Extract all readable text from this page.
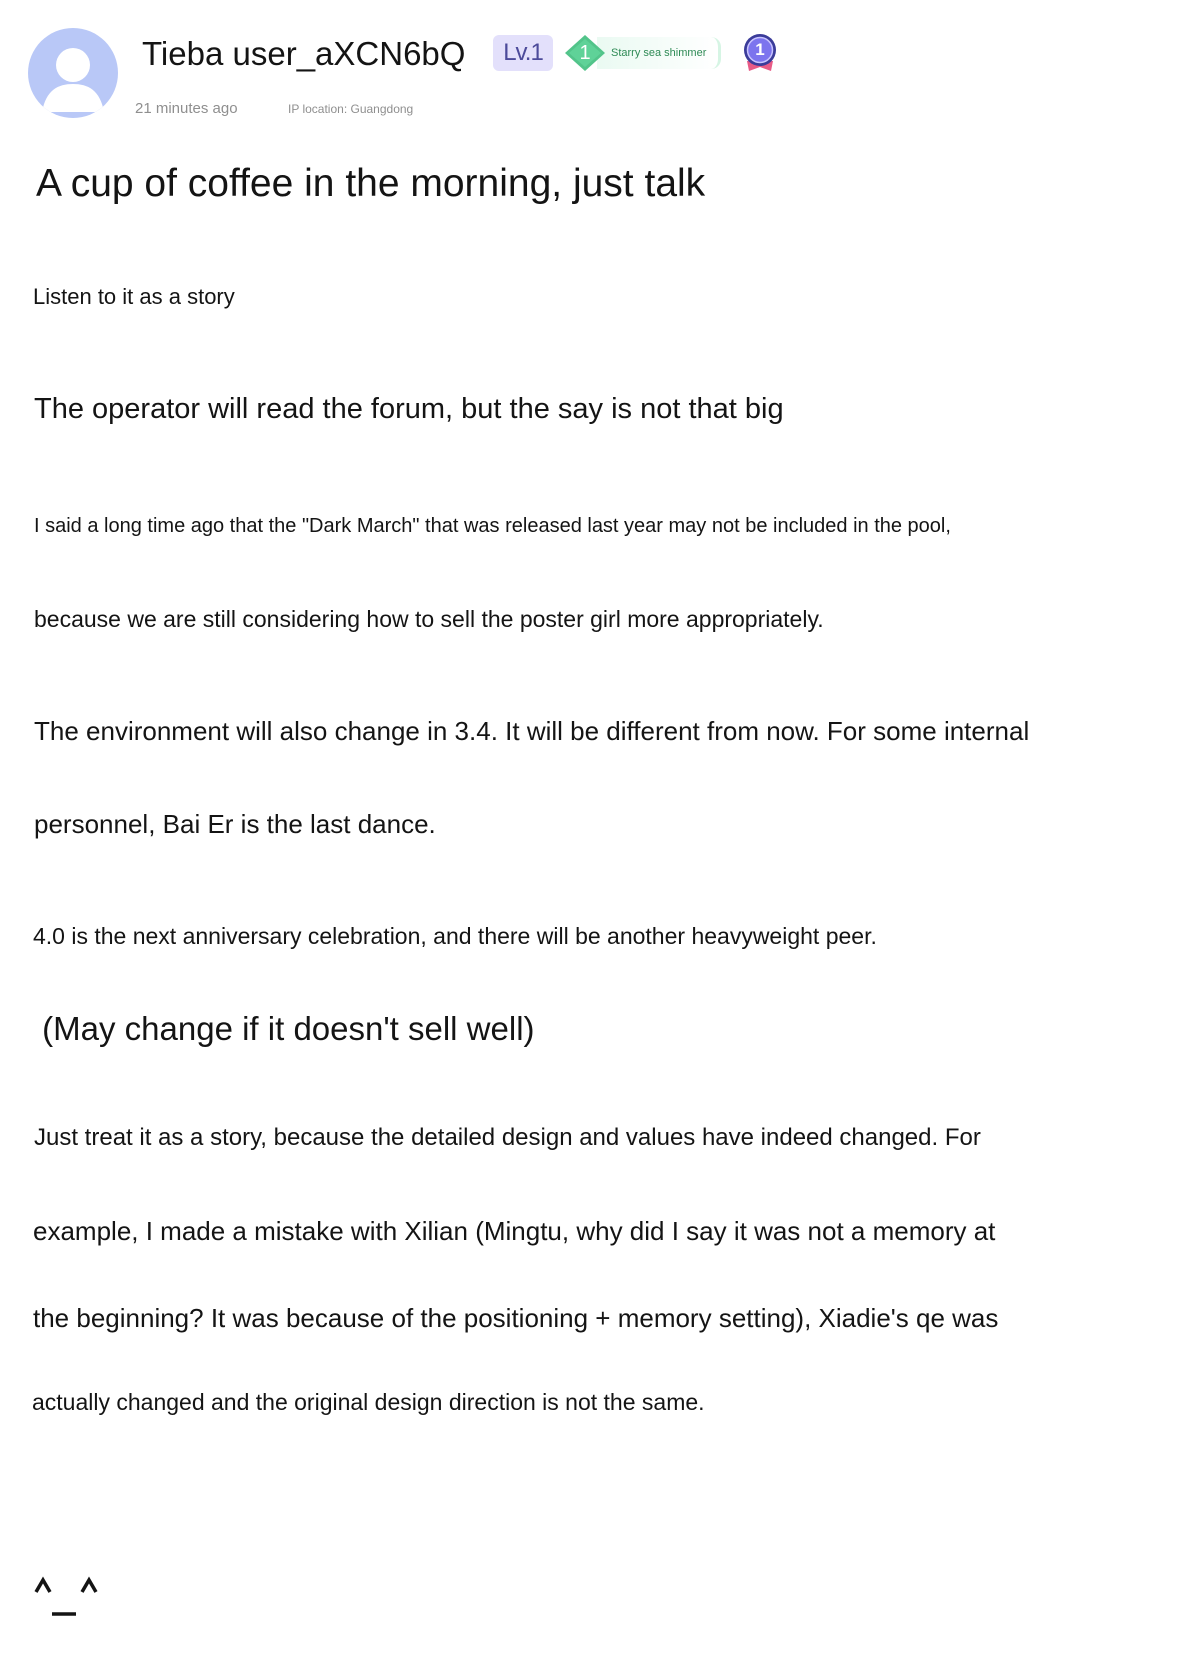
Tieba user_aXCN6bQ	Lv.1	1	Starry sea shimmer	1
21 minutes ago	IP location: Guangdong
A cup of coffee in the morning, just talk
Listen to it as a story
The operator will read the forum, but the say is not that big
I said a long time ago that the "Dark March" that was released last year may not be included in the pool,
because we are still considering how to sell the poster girl more appropriately.
The environment will also change in 3.4. It will be different from now. For some internal
personnel, Bai Er is the last dance.
4.0 is the next anniversary celebration, and there will be another heavyweight peer.
(May change if it doesn't sell well)
Just treat it as a story, because the detailed design and values have indeed changed. For
example, I made a mistake with Xilian (Mingtu, why did I say it was not a memory at
the beginning? It was because of the positioning + memory setting), Xiadie's qe was
actually changed and the original design direction is not the same.
